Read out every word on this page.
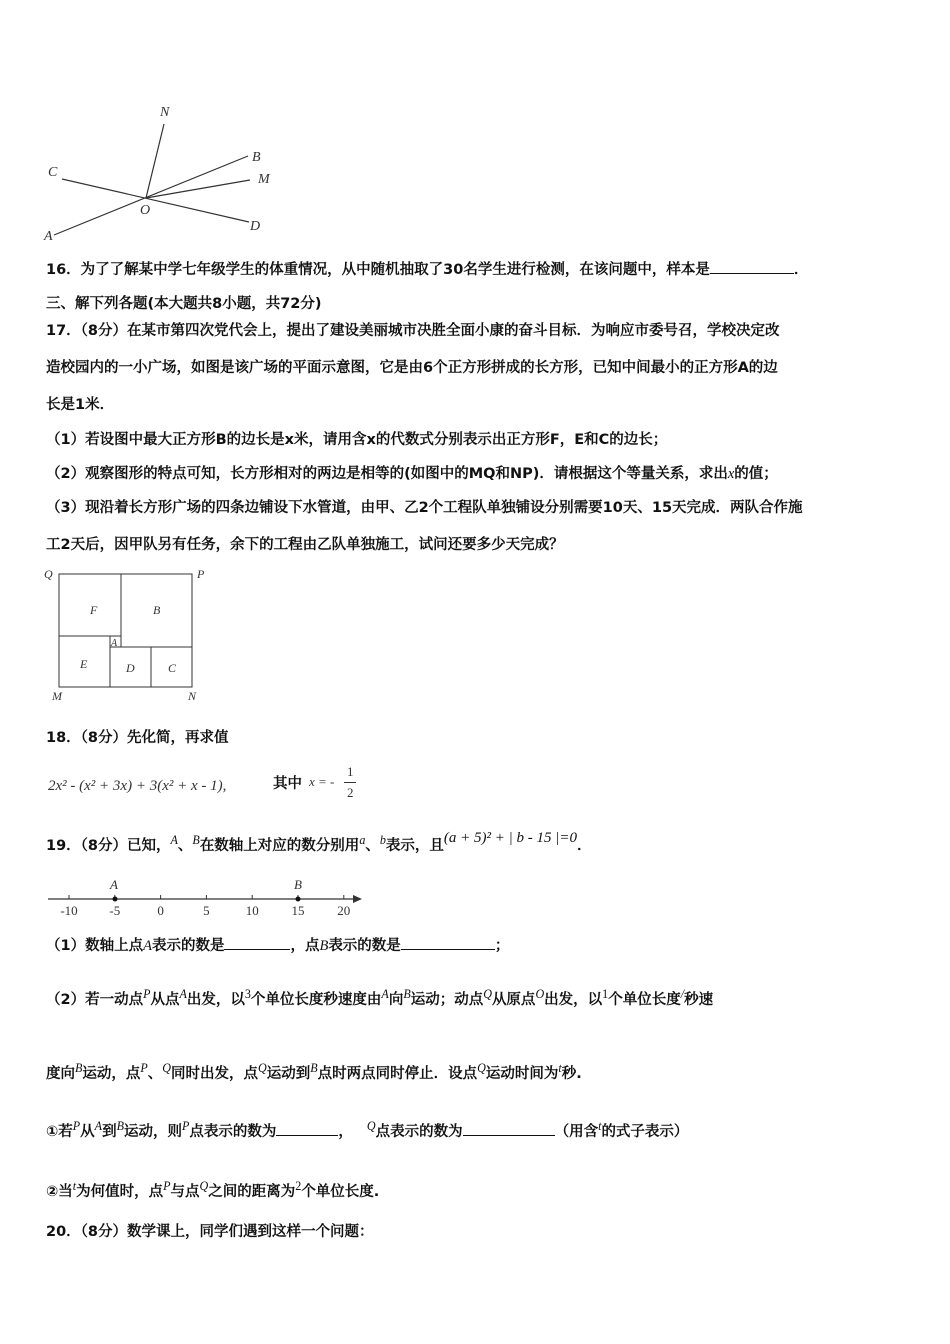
N
C
B
M
O
A
D
16．为了了解某中学七年级学生的体重情况，从中随机抽取了30名学生进行检测，在该问题中，样本是	．
三、解下列各题(本大题共8小题，共72分)
17．（8分）在某市第四次党代会上，提出了建设美丽城市决胜全面小康的奋斗目标．为响应市委号召，学校决定改
造校园内的一小广场，如图是该广场的平面示意图，它是由6个正方形拼成的长方形，已知中间最小的正方形A的边
长是1米．
（1）若设图中最大正方形B的边长是x米，请用含x的代数式分别表示出正方形F，E和C的边长；
（2）观察图形的特点可知，长方形相对的两边是相等的(如图中的MQ和NP)．请根据这个等量关系，求出x的值；
（3）现沿着长方形广场的四条边铺设下水管道，由甲、乙2个工程队单独铺设分别需要10天、15天完成．两队合作施
工2天后，因甲队另有任务，余下的工程由乙队单独施工，试问还要多少天完成？
Q	P
F	B
A
E	D	C
M	N
18．（8分）先化简，再求值
2x² - (x² + 3x) + 3(x² + x - 1),	其中 x = -
1
2
19．（8分）已知，$^A$、$^B$在数轴上对应的数分别用$^a$、$^b$表示，且(a + 5)² + | b - 15 |=0．
-10 -5	0	5	10	15	20
A	B
（1）数轴上点A表示的数是	，点B表示的数是	；
（2）若一动点$^P$从点$^A$出发，以$^3$个单位长度秒速度由$^A$向$^B$运动；动点$^Q$从原点$^O$出发，以$^1$个单位长度/秒速
度向$^B$运动，点$^P$、$^Q$同时出发，点$^Q$运动到$^B$点时两点同时停止．设点$^Q$运动时间为$^t$秒.
①若$^P$从$^A$到$^B$运动，则$^P$点表示的数为	， $^Q$点表示的数为	（用含$^t$的式子表示）
②当$^t$为何值时，点$^P$与点$^Q$之间的距离为$^2$个单位长度.
20．（8分）数学课上，同学们遇到这样一个问题：
